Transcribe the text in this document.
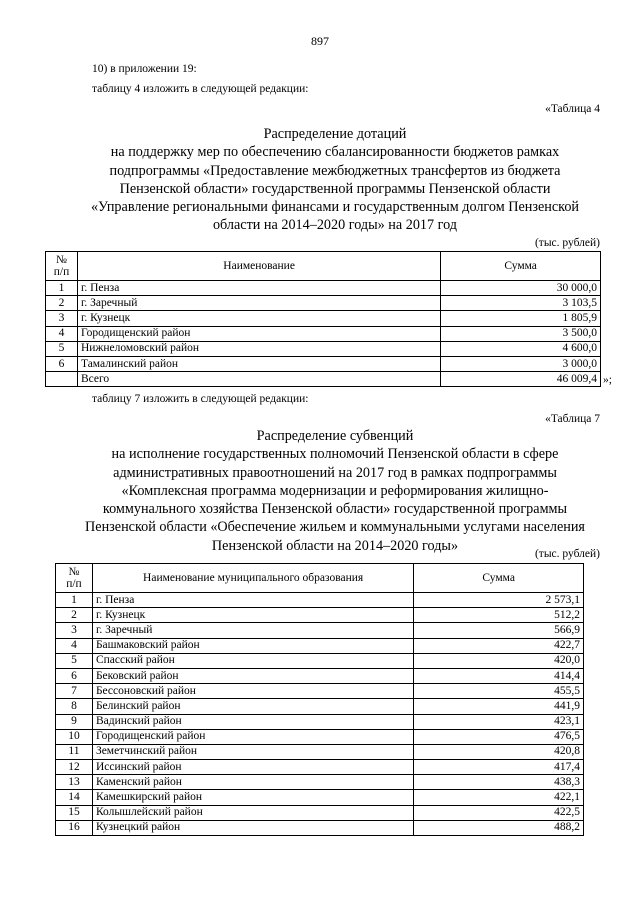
897
10) в приложении 19:
таблицу 4 изложить в следующей редакции:
«Таблица 4
Распределение дотаций
на поддержку мер по обеспечению сбалансированности бюджетов рамках
подпрограммы «Предоставление межбюджетных трансфертов из бюджета
Пензенской области» государственной программы Пензенской области
«Управление региональными финансами и государственным долгом Пензенской
области на 2014–2020 годы» на 2017 год
(тыс. рублей)
№
п/п	Наименование	Сумма
1	г. Пенза	30 000,0
2	г. Заречный	3 103,5
3	г. Кузнецк	1 805,9
4	Городищенский район	3 500,0
5	Нижнеломовский район	4 600,0
6	Тамалинский район	3 000,0
	Всего	46 009,4 »;
таблицу 7 изложить в следующей редакции:
«Таблица 7
Распределение субвенций
на исполнение государственных полномочий Пензенской области в сфере
административных правоотношений на 2017 год в рамках подпрограммы
«Комплексная программа модернизации и реформирования жилищно-
коммунального хозяйства Пензенской области» государственной программы
Пензенской области «Обеспечение жильем и коммунальными услугами населения
Пензенской области на 2014–2020 годы»
(тыс. рублей)
№
п/п	Наименование муниципального образования	Сумма
1	г. Пенза	2 573,1
2	г. Кузнецк	512,2
3	г. Заречный	566,9
4	Башмаковский район	422,7
5	Спасский район	420,0
6	Бековский район	414,4
7	Бессоновский район	455,5
8	Белинский район	441,9
9	Вадинский район	423,1
10	Городищенский район	476,5
11	Земетчинский район	420,8
12	Иссинский район	417,4
13	Каменский район	438,3
14	Камешкирский район	422,1
15	Колышлейский район	422,5
16	Кузнецкий район	488,2
